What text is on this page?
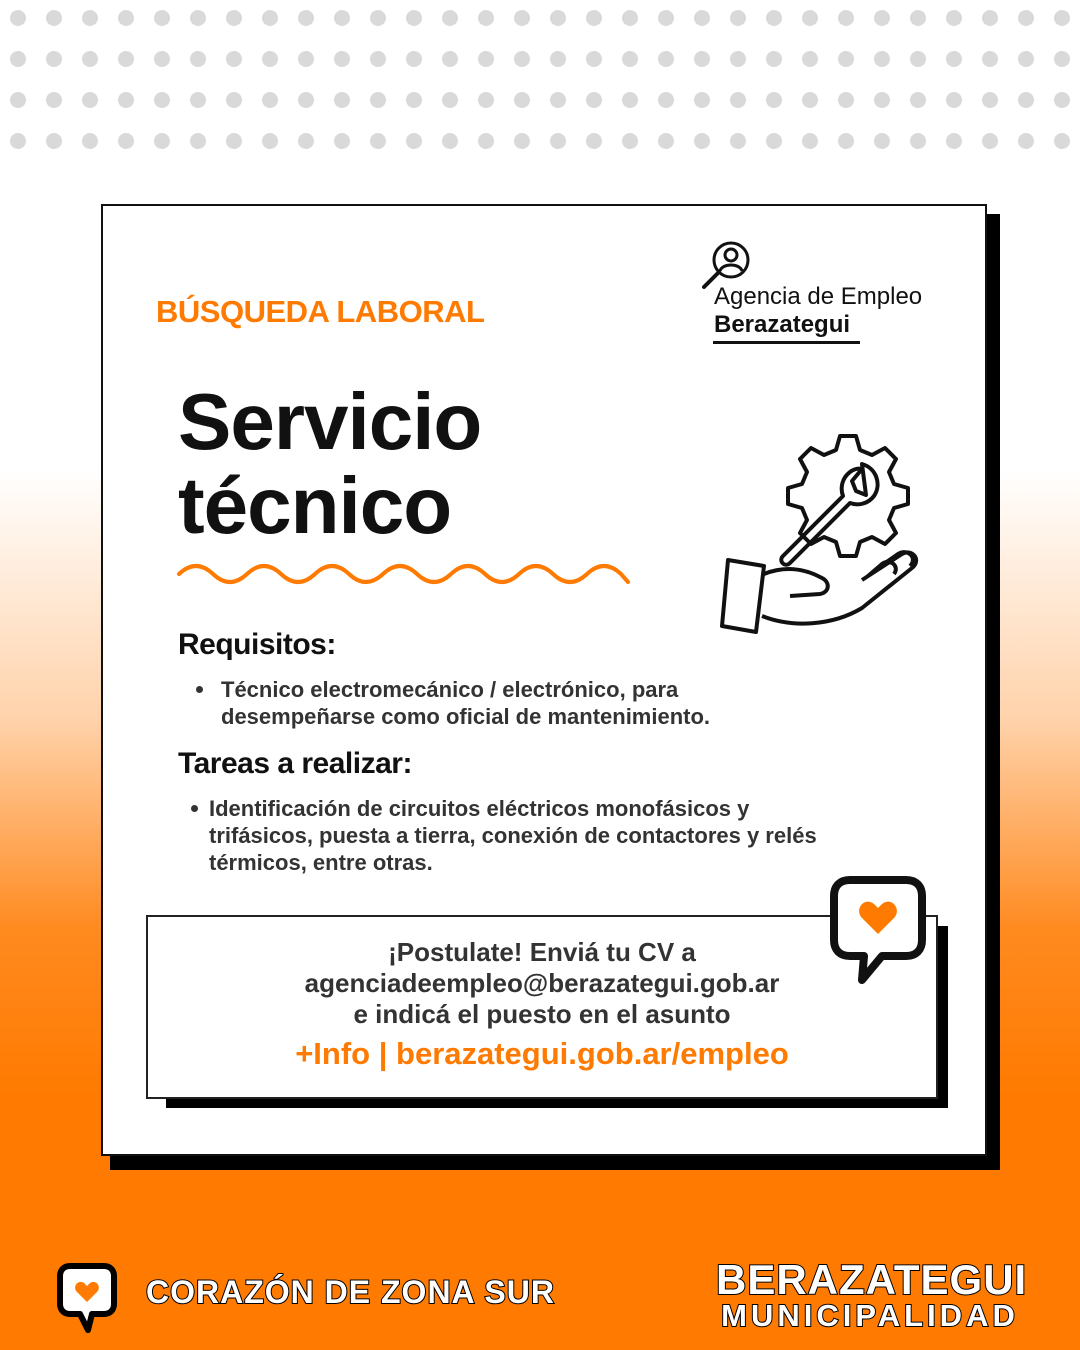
BÚSQUEDA LABORAL	Agencia de Empleo
Berazategui
Servicio
técnico
Requisitos:
Técnico electromecánico / electrónico, para desempeñarse como oficial de mantenimiento.
Tareas a realizar:
Identificación de circuitos eléctricos monofásicos y trifásicos, puesta a tierra, conexión de contactores y relés térmicos, entre otras.
¡Postulate! Enviá tu CV a
agenciadeempleo@berazategui.gob.ar
e indicá el puesto en el asunto
+Info | berazategui.gob.ar/empleo
CORAZÓN DE ZONA SUR	BERAZATEGUI
MUNICIPALIDAD
